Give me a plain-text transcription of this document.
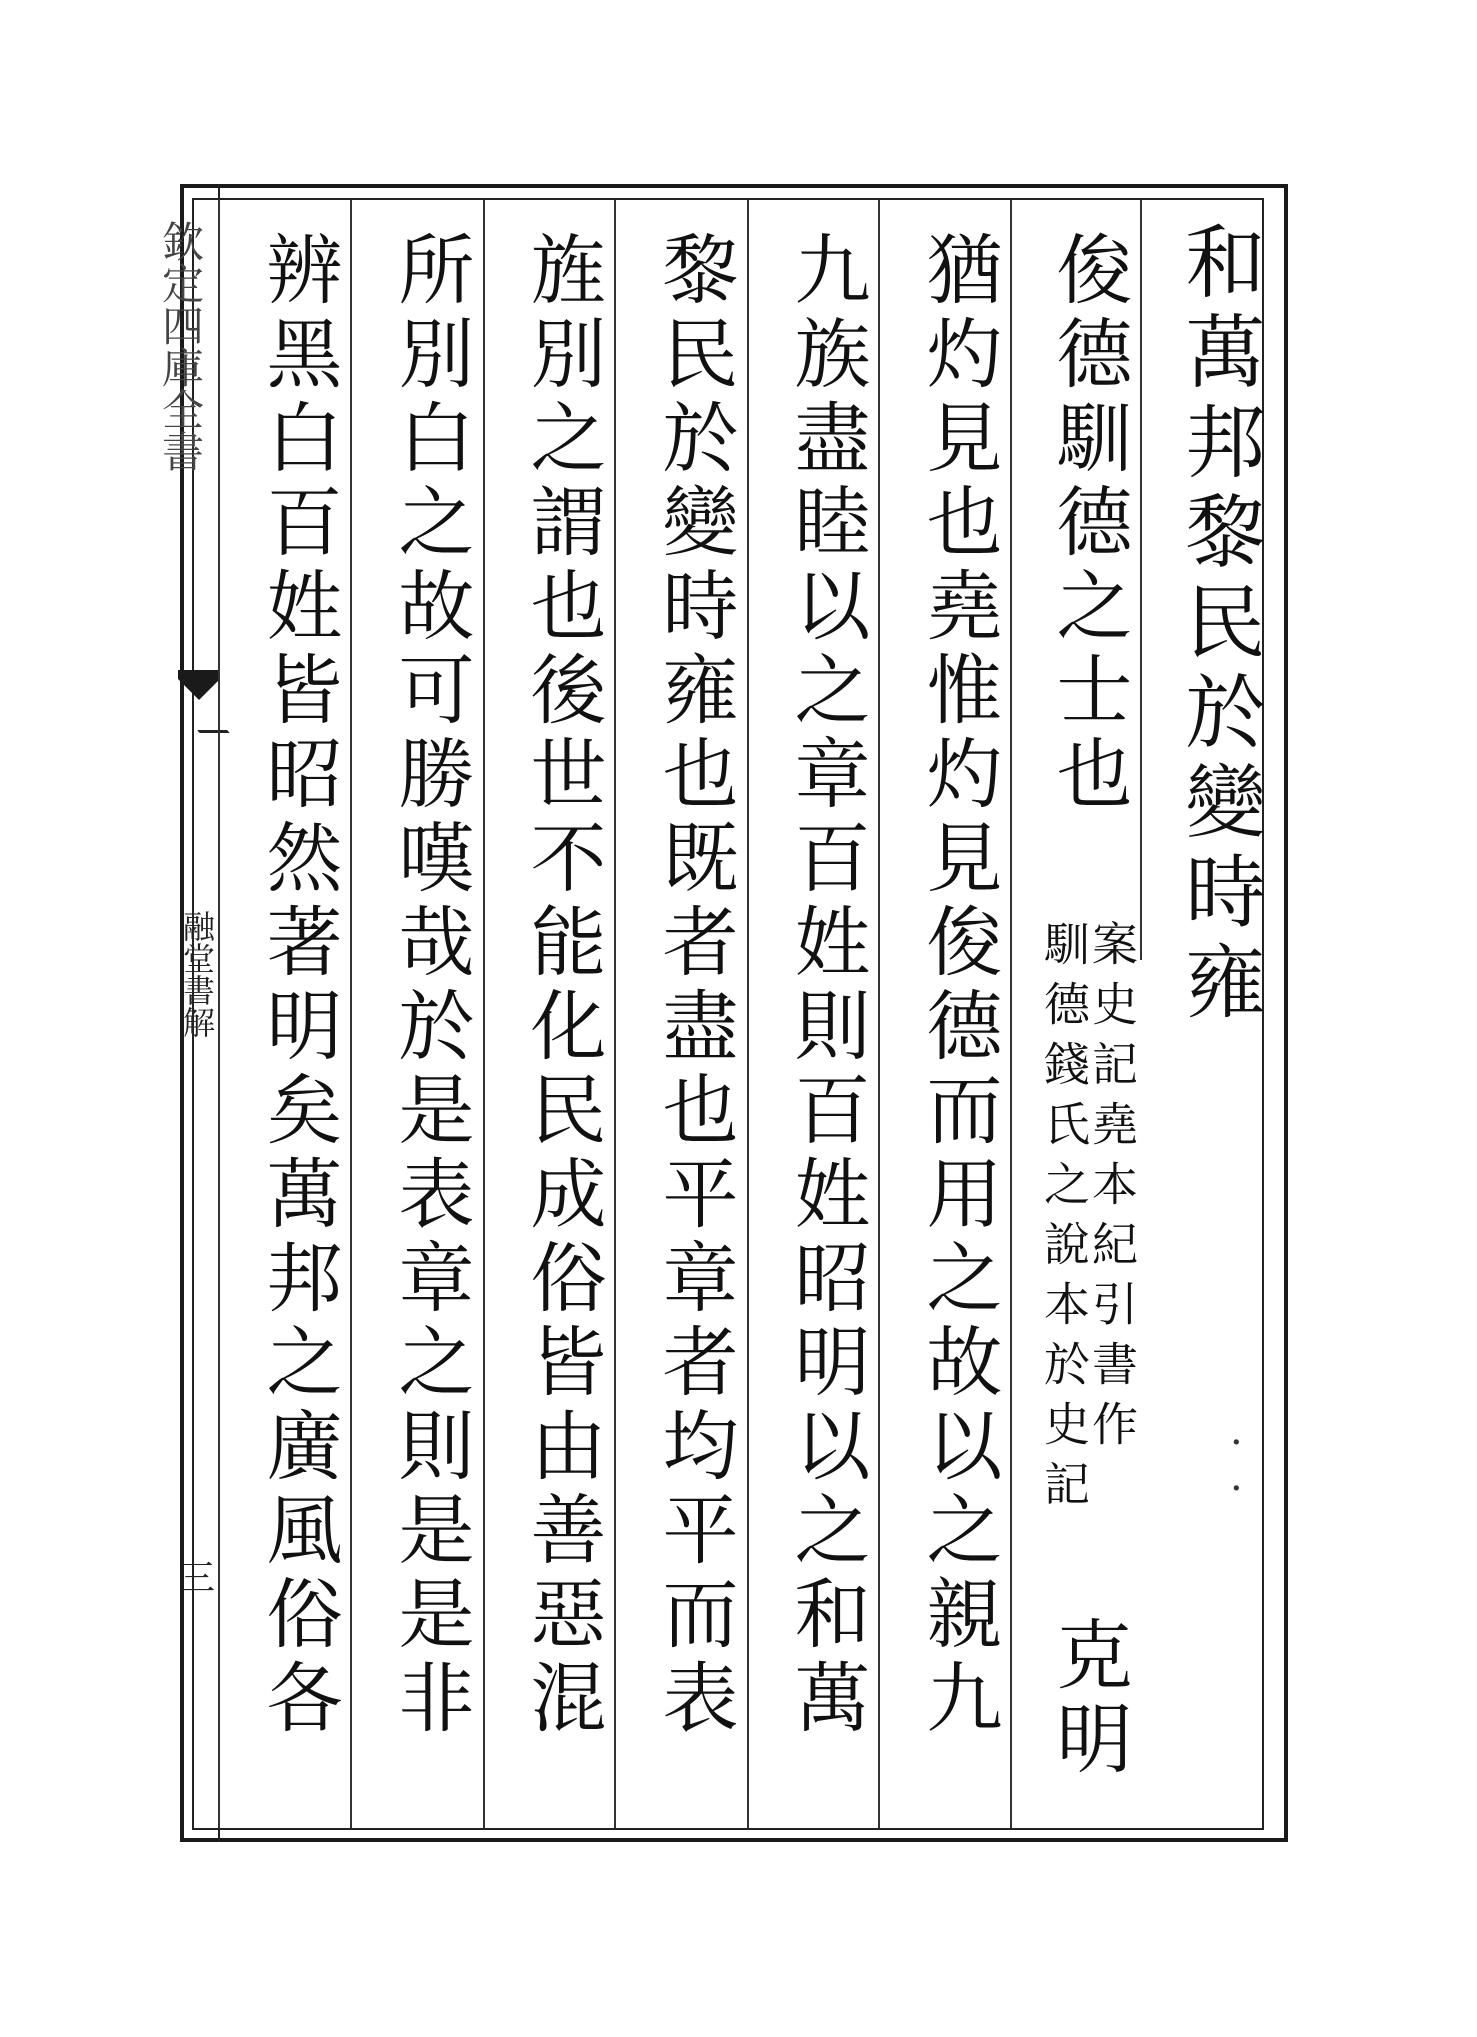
欽定四庫全書
融堂書解
三
和萬邦黎民於變時雍
俊德馴德之士也
案史記堯本紀引書作
馴德錢氏之說本於史記
克明
猶灼見也堯惟灼見俊德而用之故以之親九
九族盡睦以之章百姓則百姓昭明以之和萬
黎民於變時雍也既者盡也平章者均平而表
旌別之謂也後世不能化民成俗皆由善惡混
所別白之故可勝嘆哉於是表章之則是是非
辨黑白百姓皆昭然著明矣萬邦之廣風俗各
·
·
